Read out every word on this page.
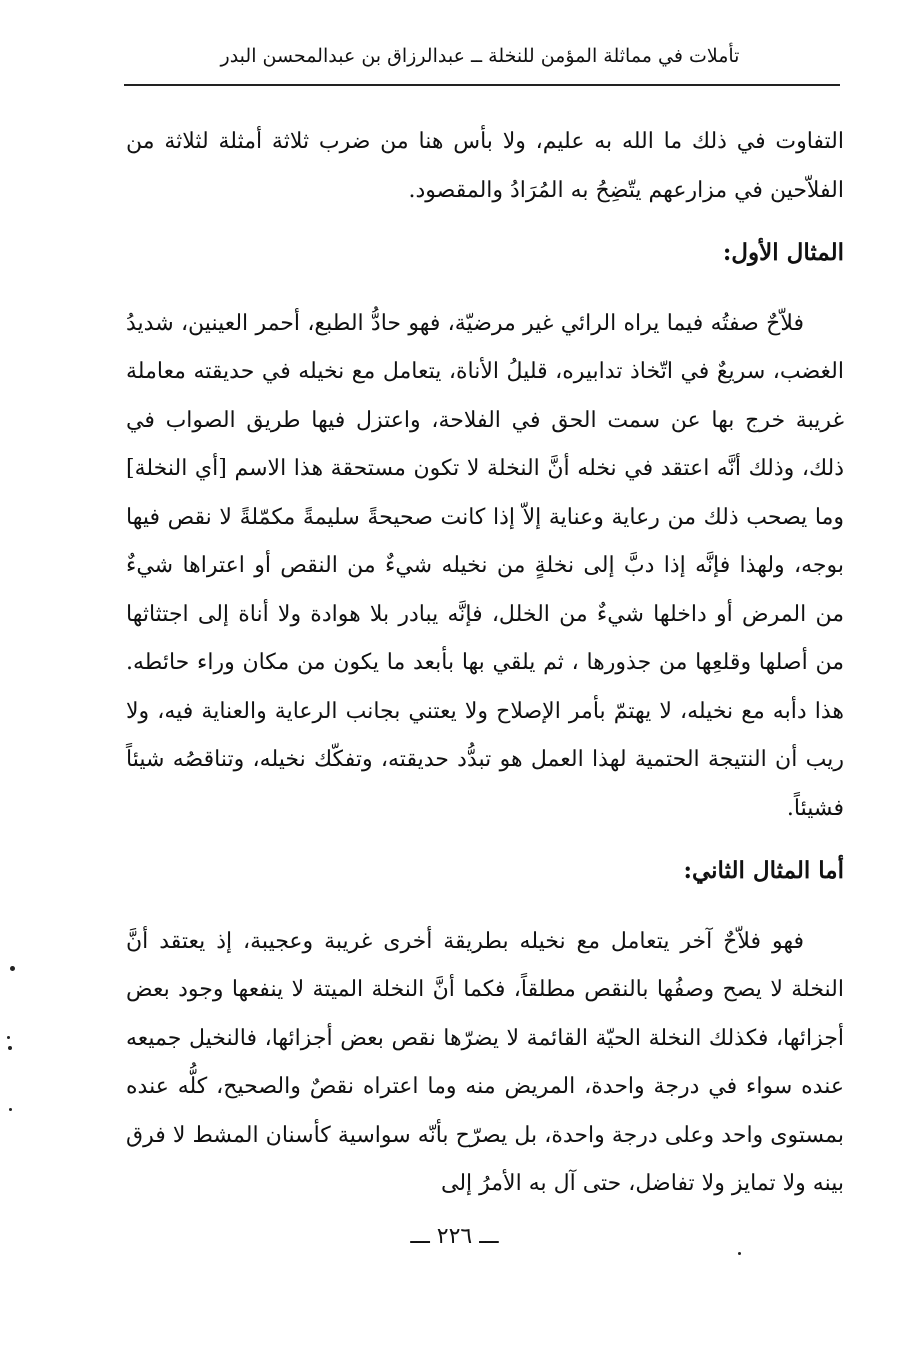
تأملات في مماثلة المؤمن للنخلة ــ عبدالرزاق بن عبدالمحسن البدر

التفاوت في ذلك ما الله به عليم، ولا بأس هنا من ضرب ثلاثة أمثلة لثلاثة من الفلاّحين في مزارعهم يتّضِحُ به المُرَادُ والمقصود.

المثال الأول:

فلاّحٌ صفتُه فيما يراه الرائي غير مرضيّة، فهو حادُّ الطبع، أحمر العينين، شديدُ الغضب، سريعٌ في اتّخاذ تدابيره، قليلُ الأناة، يتعامل مع نخيله في حديقته معاملة غريبة خرج بها عن سمت الحق في الفلاحة، واعتزل فيها طريق الصواب في ذلك، وذلك أنَّه اعتقد في نخله أنَّ النخلة لا تكون مستحقة هذا الاسم [أي النخلة] وما يصحب ذلك من رعاية وعناية إلاّ إذا كانت صحيحةً سليمةً مكمّلةً لا نقص فيها بوجه، ولهذا فإنَّه إذا دبَّ إلى نخلةٍ من نخيله شيءٌ من النقص أو اعتراها شيءٌ من المرض أو داخلها شيءٌ من الخلل، فإنَّه يبادر بلا هوادة ولا أناة إلى اجتثاثها من أصلها وقلعِها من جذورها ، ثم يلقي بها بأبعد ما يكون من مكان وراء حائطه. هذا دأبه مع نخيله، لا يهتمّ بأمر الإصلاح ولا يعتني بجانب الرعاية والعناية فيه، ولا ريب أن النتيجة الحتمية لهذا العمل هو تبدُّد حديقته، وتفكّك نخيله، وتناقصُه شيئاً فشيئاً.

أما المثال الثاني:

فهو فلاّحٌ آخر يتعامل مع نخيله بطريقة أخرى غريبة وعجيبة، إذ يعتقد أنَّ النخلة لا يصح وصفُها بالنقص مطلقاً، فكما أنَّ النخلة الميتة لا ينفعها وجود بعض أجزائها، فكذلك النخلة الحيّة القائمة لا يضرّها نقص بعض أجزائها، فالنخيل جميعه عنده سواء في درجة واحدة، المريض منه وما اعتراه نقصٌ والصحيح، كلُّه عنده بمستوى واحد وعلى درجة واحدة، بل يصرّح بأنّه سواسية كأسنان المشط لا فرق بينه ولا تمايز ولا تفاضل، حتى آل به الأمرُ إلى

ـــ ٢٢٦ ـــ
